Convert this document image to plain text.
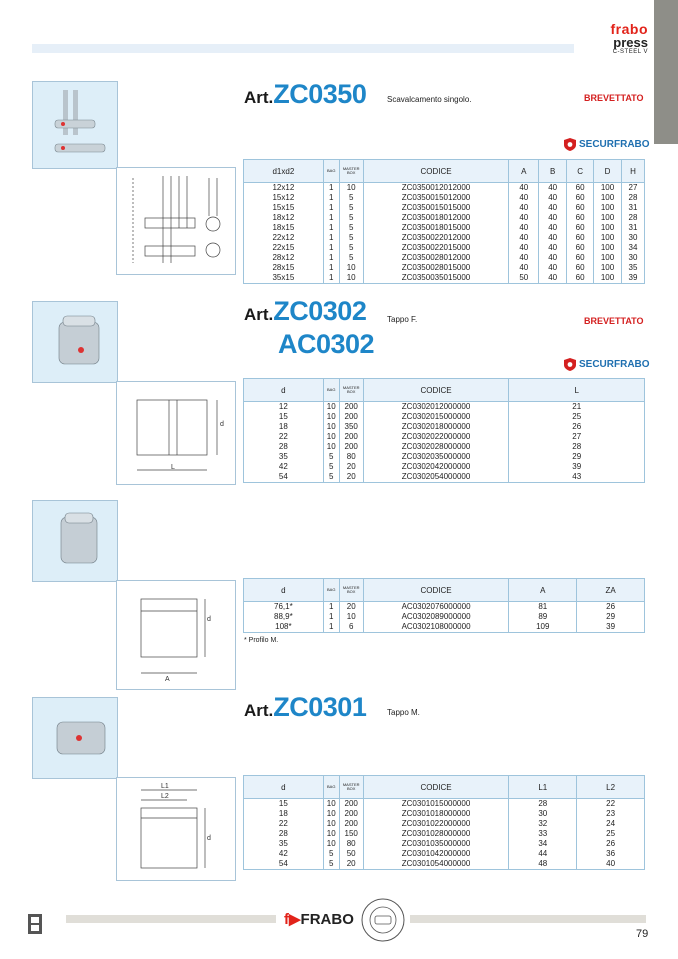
frabo
press
C-STEEL V
Art.ZC0350	Scavalcamento singolo.	BREVETTATO
SECURFRABO
d1xd2	BAG	MASTER BOX	CODICE	A	B	C	D	H
12x12	1	10	ZC0350012012000	40	40	60	100	27
15x12	1	5	ZC0350015012000	40	40	60	100	28
15x15	1	5	ZC0350015015000	40	40	60	100	31
18x12	1	5	ZC0350018012000	40	40	60	100	28
18x15	1	5	ZC0350018015000	40	40	60	100	31
22x12	1	5	ZC0350022012000	40	40	60	100	30
22x15	1	5	ZC0350022015000	40	40	60	100	34
28x12	1	5	ZC0350028012000	40	40	60	100	30
28x15	1	10	ZC0350028015000	40	40	60	100	35
35x15	1	10	ZC0350035015000	50	40	60	100	39
L
d
Art.ZC0302
AC0302
Tappo F.	BREVETTATO
SECURFRABO
d	BAG	MASTER BOX	CODICE	L
12	10	200	ZC0302012000000	21
15	10	200	ZC0302015000000	25
18	10	350	ZC0302018000000	26
22	10	200	ZC0302022000000	27
28	10	200	ZC0302028000000	28
35	5	80	ZC0302035000000	29
42	5	20	ZC0302042000000	39
54	5	20	ZC0302054000000	43
A
d
d	BAG	MASTER BOX	CODICE	A	ZA
76,1*	1	20	AC0302076000000	81	26
88,9*	1	10	AC0302089000000	89	29
108*	1	6	AC0302108000000	109	39
* Profilo M.
L1
L2
d
Art.ZC0301	Tappo M.
d	BAG	MASTER BOX	CODICE	L1	L2
15	10	200	ZC0301015000000	28	22
18	10	200	ZC0301018000000	30	23
22	10	200	ZC0301022000000	32	24
28	10	150	ZC0301028000000	33	25
35	10	80	ZC0301035000000	34	26
42	5	50	ZC0301042000000	44	36
54	5	20	ZC0301054000000	48	40
f▶FRABO
79
